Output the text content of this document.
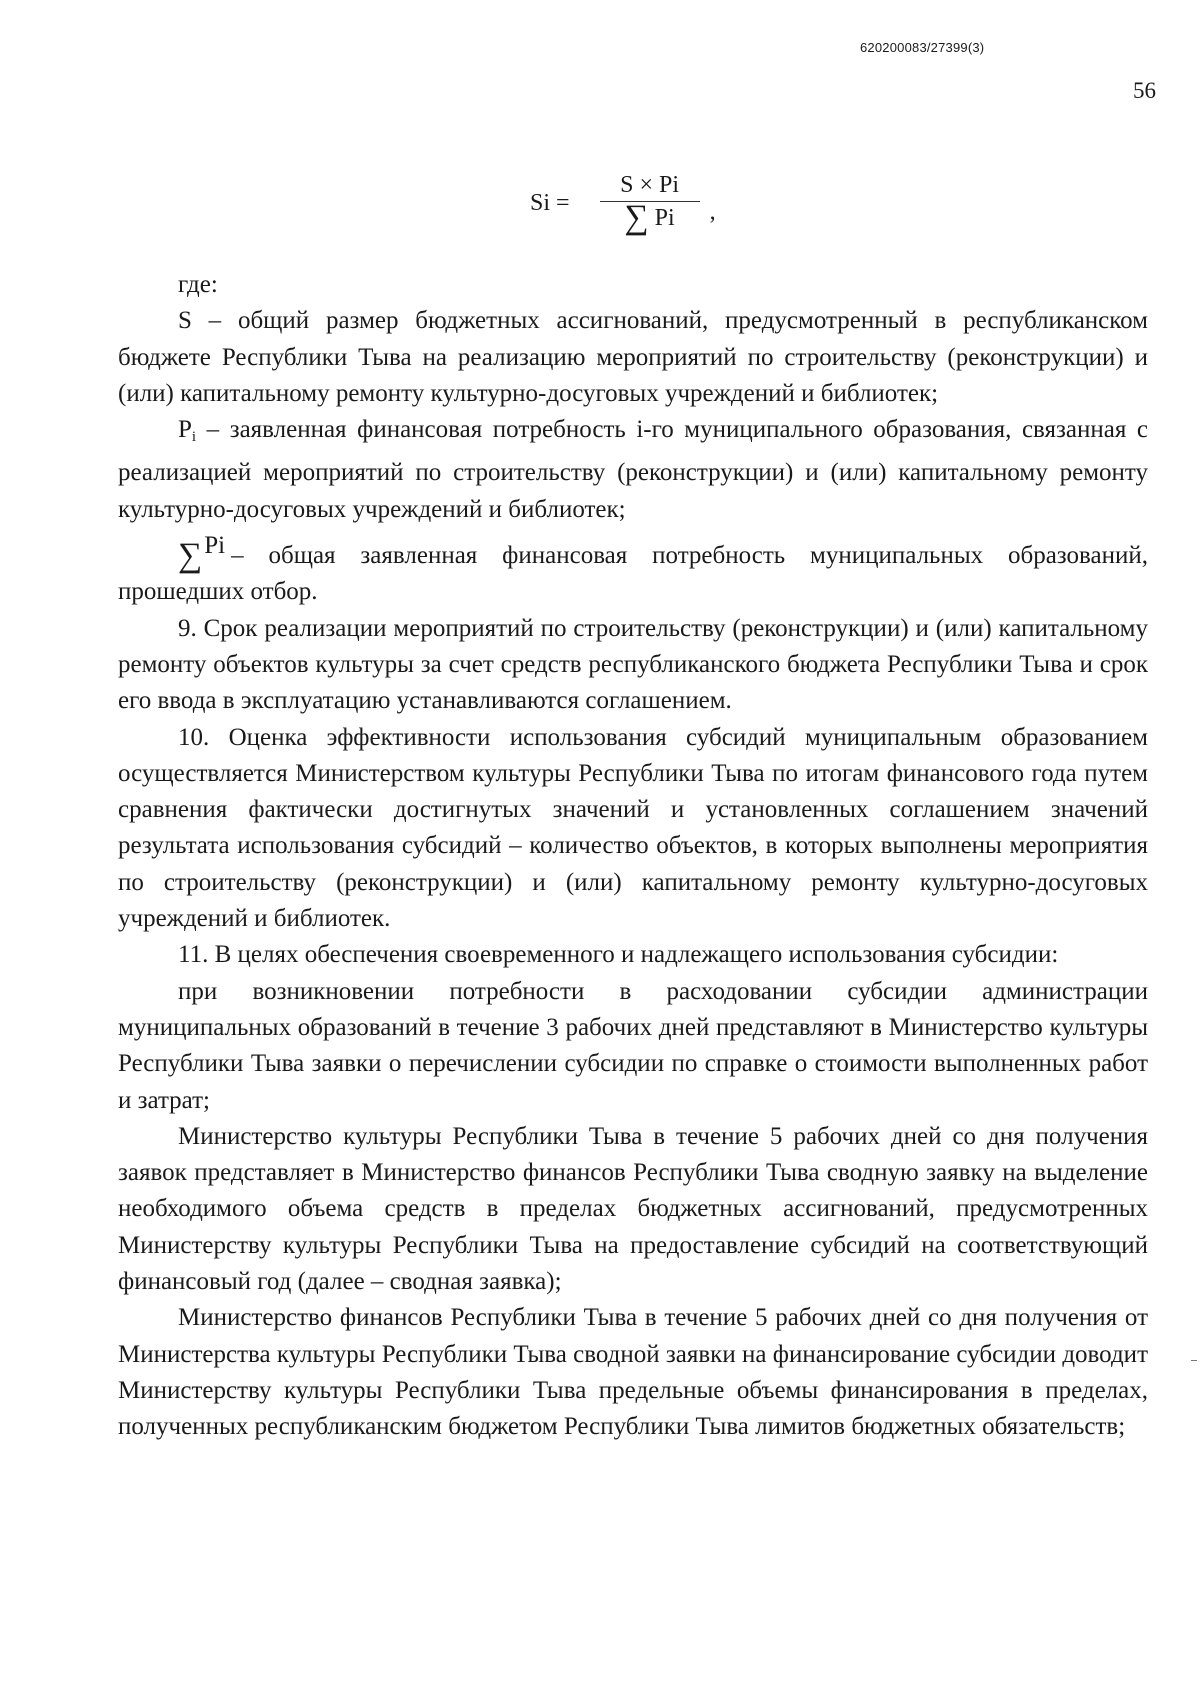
620200083/27399(3)
56
$Si = \frac{S \times Pi}{\sum Pi}$ ,

где:

S – общий размер бюджетных ассигнований, предусмотренный в республиканском бюджете Республики Тыва на реализацию мероприятий по строительству (реконструкции) и (или) капитальному ремонту культурно-досуговых учреждений и библиотек;

$P_i$ – заявленная финансовая потребность i-го муниципального образования, связанная с реализацией мероприятий по строительству (реконструкции) и (или) капитальному ремонту культурно-досуговых учреждений и библиотек;

∑Pi – общая заявленная финансовая потребность муниципальных образований, прошедших отбор.

9. Срок реализации мероприятий по строительству (реконструкции) и (или) капитальному ремонту объектов культуры за счет средств республиканского бюджета Республики Тыва и срок его ввода в эксплуатацию устанавливаются соглашением.

10. Оценка эффективности использования субсидий муниципальным образованием осуществляется Министерством культуры Республики Тыва по итогам финансового года путем сравнения фактически достигнутых значений и установленных соглашением значений результата использования субсидий – количество объектов, в которых выполнены мероприятия по строительству (реконструкции) и (или) капитальному ремонту культурно-досуговых учреждений и библиотек.

11. В целях обеспечения своевременного и надлежащего использования субсидии:

при возникновении потребности в расходовании субсидии администрации муниципальных образований в течение 3 рабочих дней представляют в Министерство культуры Республики Тыва заявки о перечислении субсидии по справке о стоимости выполненных работ и затрат;

Министерство культуры Республики Тыва в течение 5 рабочих дней со дня получения заявок представляет в Министерство финансов Республики Тыва сводную заявку на выделение необходимого объема средств в пределах бюджетных ассигнований, предусмотренных Министерству культуры Республики Тыва на предоставление субсидий на соответствующий финансовый год (далее – сводная заявка);

Министерство финансов Республики Тыва в течение 5 рабочих дней со дня получения от Министерства культуры Республики Тыва сводной заявки на финансирование субсидии доводит Министерству культуры Республики Тыва предельные объемы финансирования в пределах, полученных республиканским бюджетом Республики Тыва лимитов бюджетных обязательств;
